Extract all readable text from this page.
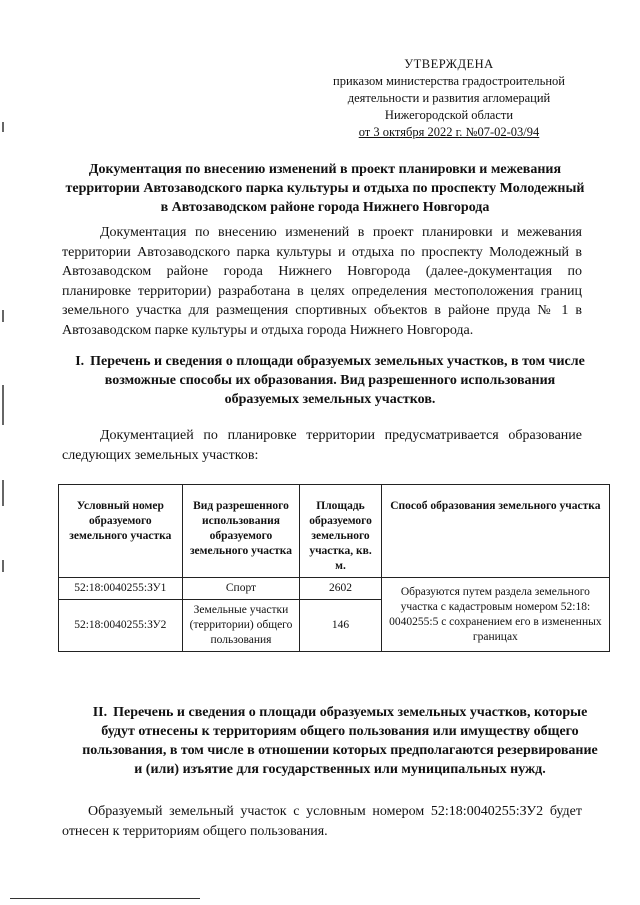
УТВЕРЖДЕНА
приказом министерства градостроительной
деятельности и развития агломераций
Нижегородской области
от 3 октября 2022 г. №07-02-03/94
Документация по внесению изменений в проект планировки и межевания территории Автозаводского парка культуры и отдыха по проспекту Молодежный в Автозаводском районе города Нижнего Новгорода
Документация по внесению изменений в проект планировки и межевания территории Автозаводского парка культуры и отдыха по проспекту Молодежный в Автозаводском районе города Нижнего Новгорода (далее-документация по планировке территории) разработана в целях определения местоположения границ земельного участка для размещения спортивных объектов в районе пруда № 1 в Автозаводском парке культуры и отдыха города Нижнего Новгорода.
I. Перечень и сведения о площади образуемых земельных участков, в том числе возможные способы их образования. Вид разрешенного использования образуемых земельных участков.
Документацией по планировке территории предусматривается образование следующих земельных участков:
Условный номер образуемого земельного участка	Вид разрешенного использования образуемого земельного участка	Площадь образуемого земельного участка, кв. м.	Способ образования земельного участка
52:18:0040255:ЗУ1	Спорт	2602	Образуются путем раздела земельного участка с кадастровым номером 52:18: 0040255:5 с сохранением его в измененных границах
52:18:0040255:ЗУ2	Земельные участки (территории) общего пользования	146	
II. Перечень и сведения о площади образуемых земельных участков, которые будут отнесены к территориям общего пользования или имуществу общего пользования, в том числе в отношении которых предполагаются резервирование и (или) изъятие для государственных или муниципальных нужд.
Образуемый земельный участок с условным номером 52:18:0040255:ЗУ2 будет отнесен к территориям общего пользования.
